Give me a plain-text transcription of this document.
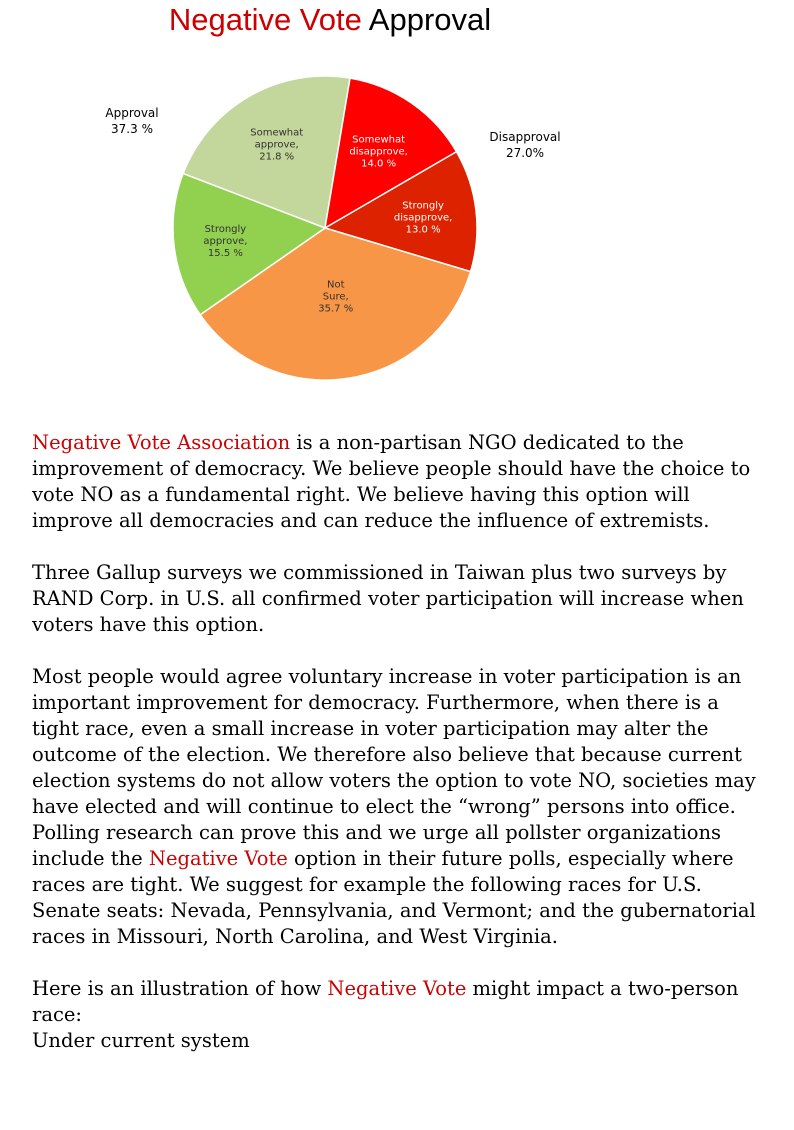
Negative Vote Approval
Somewhat
approve,
21.8 %
Somewhat
disapprove,
14.0 %
Strongly
disapprove,
13.0 %
Not
Sure,
35.7 %
Strongly
approve,
15.5 %
Approval
37.3 %
Disapproval
27.0%

Negative Vote Association is a non-partisan NGO dedicated to the improvement of democracy. We believe people should have the choice to vote NO as a fundamental right. We believe having this option will improve all democracies and can reduce the influence of extremists.

Three Gallup surveys we commissioned in Taiwan plus two surveys by RAND Corp. in U.S. all confirmed voter participation will increase when voters have this option.

Most people would agree voluntary increase in voter participation is an important improvement for democracy. Furthermore, when there is a tight race, even a small increase in voter participation may alter the outcome of the election. We therefore also believe that because current election systems do not allow voters the option to vote NO, societies may have elected and will continue to elect the “wrong” persons into office. Polling research can prove this and we urge all pollster organizations include the Negative Vote option in their future polls, especially where races are tight. We suggest for example the following races for U.S. Senate seats: Nevada, Pennsylvania, and Vermont; and the gubernatorial races in Missouri, North Carolina, and West Virginia.

Here is an illustration of how Negative Vote might impact a two-person race:

Under current system
